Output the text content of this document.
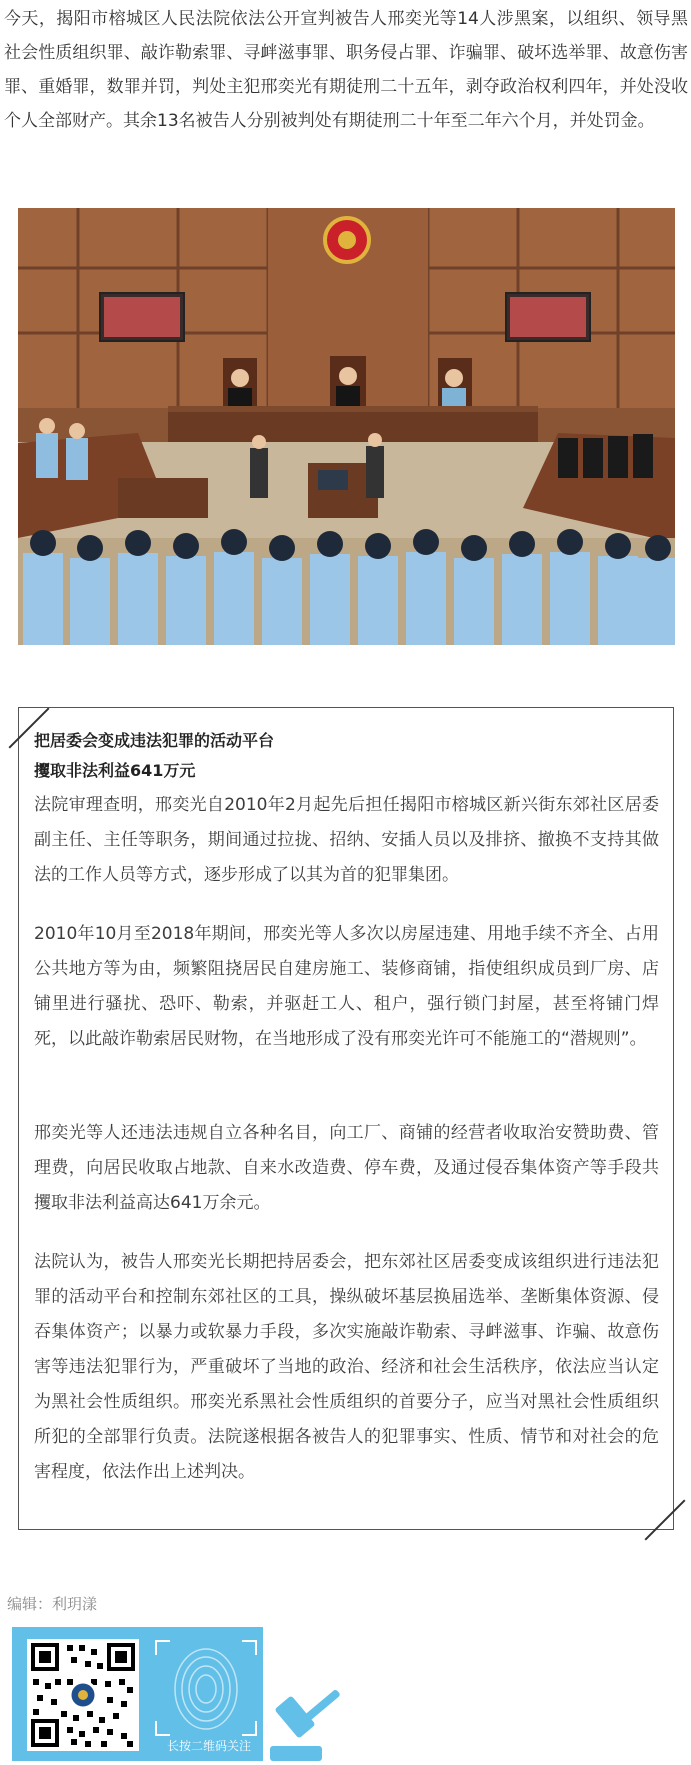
今天，揭阳市榕城区人民法院依法公开宣判被告人邢奕光等14人涉黑案，以组织、领导黑社会性质组织罪、敲诈勒索罪、寻衅滋事罪、职务侵占罪、诈骗罪、破坏选举罪、故意伤害罪、重婚罪，数罪并罚，判处主犯邢奕光有期徒刑二十五年，剥夺政治权利四年，并处没收个人全部财产。其余13名被告人分别被判处有期徒刑二十年至二年六个月，并处罚金。

把居委会变成违法犯罪的活动平台
攫取非法利益641万元

法院审理查明，邢奕光自2010年2月起先后担任揭阳市榕城区新兴街东郊社区居委副主任、主任等职务，期间通过拉拢、招纳、安插人员以及排挤、撤换不支持其做法的工作人员等方式，逐步形成了以其为首的犯罪集团。

2010年10月至2018年期间，邢奕光等人多次以房屋违建、用地手续不齐全、占用公共地方等为由，频繁阻挠居民自建房施工、装修商铺，指使组织成员到厂房、店铺里进行骚扰、恐吓、勒索，并驱赶工人、租户，强行锁门封屋，甚至将铺门焊死，以此敲诈勒索居民财物，在当地形成了没有邢奕光许可不能施工的“潜规则”。

邢奕光等人还违法违规自立各种名目，向工厂、商铺的经营者收取治安赞助费、管理费，向居民收取占地款、自来水改造费、停车费，及通过侵吞集体资产等手段共攫取非法利益高达641万余元。

法院认为，被告人邢奕光长期把持居委会，把东郊社区居委变成该组织进行违法犯罪的活动平台和控制东郊社区的工具，操纵破坏基层换届选举、垄断集体资源、侵吞集体资产；以暴力或软暴力手段，多次实施敲诈勒索、寻衅滋事、诈骗、故意伤害等违法犯罪行为，严重破坏了当地的政治、经济和社会生活秩序，依法应当认定为黑社会性质组织。邢奕光系黑社会性质组织的首要分子，应当对黑社会性质组织所犯的全部罪行负责。法院遂根据各被告人的犯罪事实、性质、情节和对社会的危害程度，依法作出上述判决。

编辑：利玥漾

长按二维码关注
